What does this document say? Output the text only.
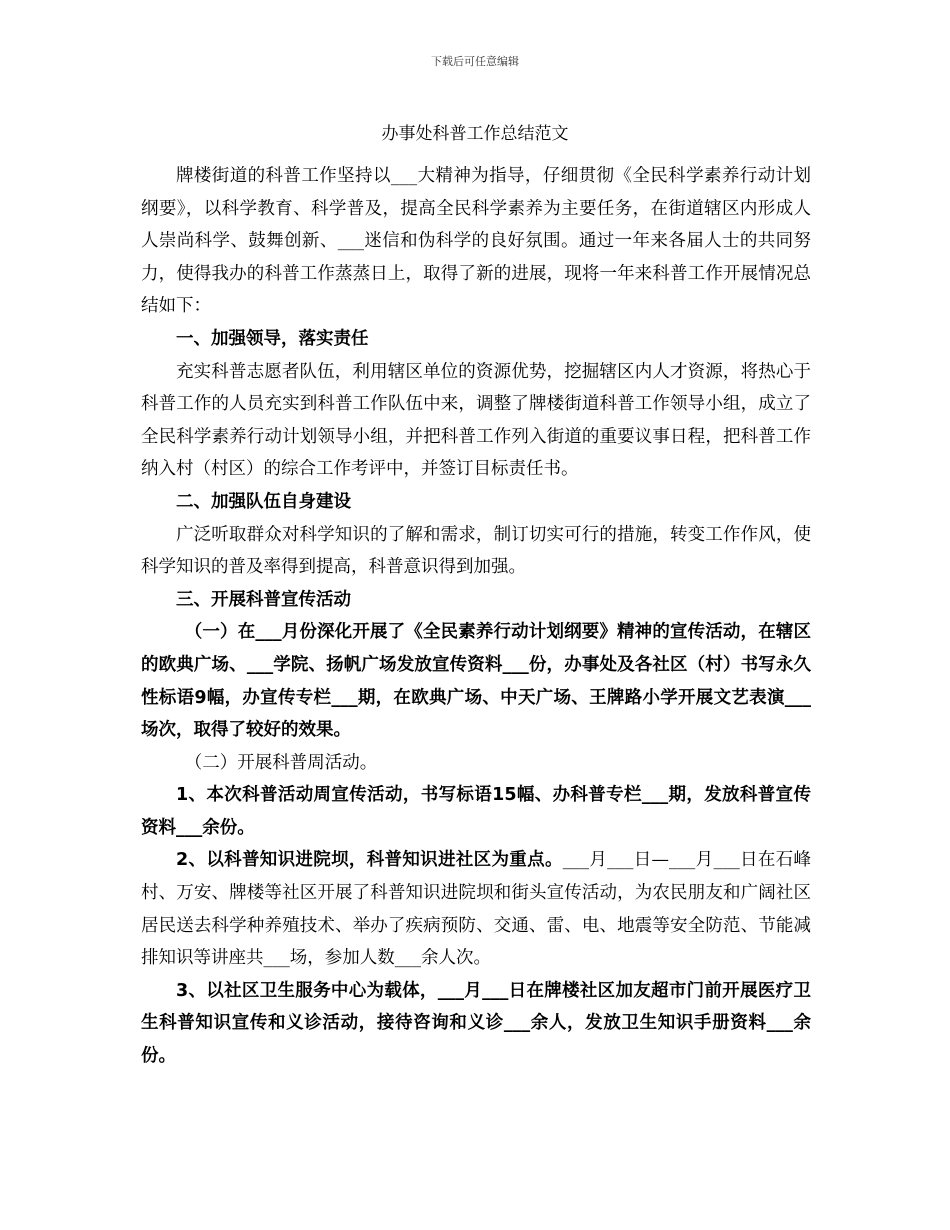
下载后可任意编辑
办事处科普工作总结范文

牌楼街道的科普工作坚持以___大精神为指导，仔细贯彻《全民科学素养行动计划纲要》，以科学教育、科学普及，提高全民科学素养为主要任务，在街道辖区内形成人人崇尚科学、鼓舞创新、___迷信和伪科学的良好氛围。通过一年来各届人士的共同努力，使得我办的科普工作蒸蒸日上，取得了新的进展，现将一年来科普工作开展情况总结如下：

一、加强领导，落实责任

充实科普志愿者队伍，利用辖区单位的资源优势，挖掘辖区内人才资源，将热心于科普工作的人员充实到科普工作队伍中来，调整了牌楼街道科普工作领导小组，成立了全民科学素养行动计划领导小组，并把科普工作列入街道的重要议事日程，把科普工作纳入村（村区）的综合工作考评中，并签订目标责任书。

二、加强队伍自身建设

广泛听取群众对科学知识的了解和需求，制订切实可行的措施，转变工作作风，使科学知识的普及率得到提高，科普意识得到加强。

三、开展科普宣传活动

（一）在___月份深化开展了《全民素养行动计划纲要》精神的宣传活动，在辖区的欧典广场、___学院、扬帆广场发放宣传资料___份，办事处及各社区（村）书写永久性标语9幅，办宣传专栏___期，在欧典广场、中天广场、王牌路小学开展文艺表演___场次，取得了较好的效果。

（二）开展科普周活动。

1、本次科普活动周宣传活动，书写标语15幅、办科普专栏___期，发放科普宣传资料___余份。

2、以科普知识进院坝，科普知识进社区为重点。___月___日—___月___日在石峰村、万安、牌楼等社区开展了科普知识进院坝和街头宣传活动，为农民朋友和广阔社区居民送去科学种养殖技术、举办了疾病预防、交通、雷、电、地震等安全防范、节能减排知识等讲座共___场，参加人数___余人次。

3、以社区卫生服务中心为载体，___月___日在牌楼社区加友超市门前开展医疗卫生科普知识宣传和义诊活动，接待咨询和义诊___余人，发放卫生知识手册资料___余份。
